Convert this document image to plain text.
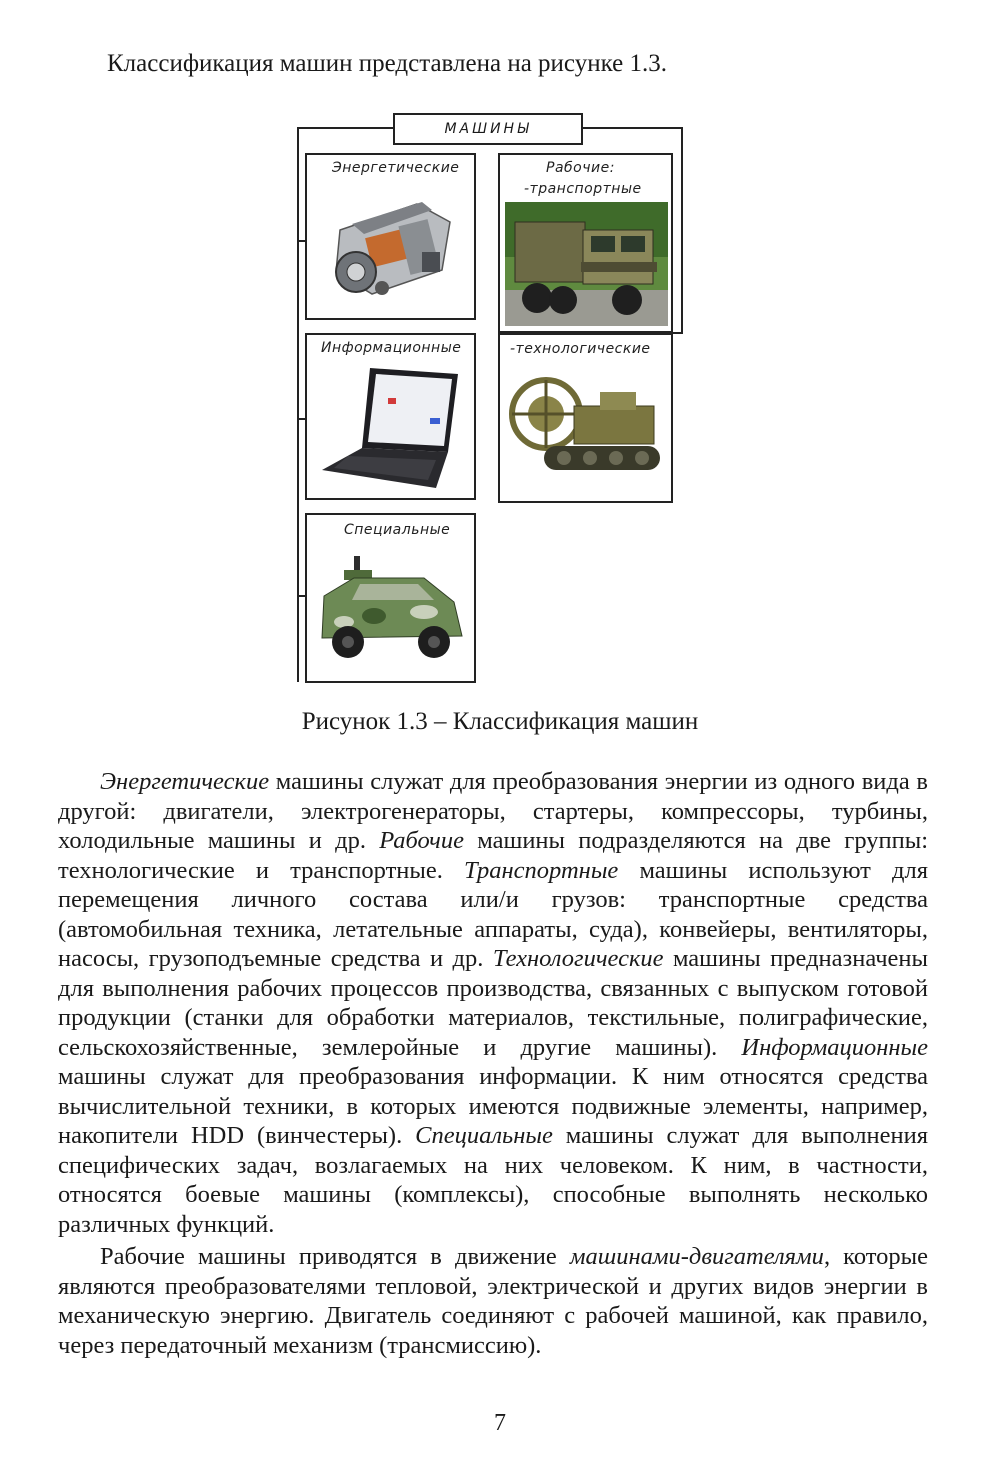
Классификация машин представлена на рисунке 1.3.
МАШИНЫ
Энергетические	Рабочие:
-транспортные
Информационные	-технологические
Специальные
Рисунок 1.3 – Классификация машин

Энергетические машины служат для преобразования энергии из одного вида в другой: двигатели, электрогенераторы, стартеры, компрессоры, турбины, холодильные машины и др. Рабочие машины подразделяются на две группы: технологические и транспортные. Транспортные машины используют для перемещения личного состава или/и грузов: транспортные средства (автомобильная техника, летательные аппараты, суда), конвейеры, вентиляторы, насосы, грузоподъемные средства и др. Технологические машины предназначены для выполнения рабочих процессов производства, связанных с выпуском готовой продукции (станки для обработки материалов, текстильные, полиграфические, сельскохозяйственные, землеройные и другие машины). Информационные машины служат для преобразования информации. К ним относятся средства вычислительной техники, в которых имеются подвижные элементы, например, накопители HDD (винчестеры). Специальные машины служат для выполнения специфических задач, возлагаемых на них человеком. К ним, в частности, относятся боевые машины (комплексы), способные выполнять несколько различных функций.

Рабочие машины приводятся в движение машинами-двигателями, которые являются преобразователями тепловой, электрической и других видов энергии в механическую энергию. Двигатель соединяют с рабочей машиной, как правило, через передаточный механизм (трансмиссию).

7
